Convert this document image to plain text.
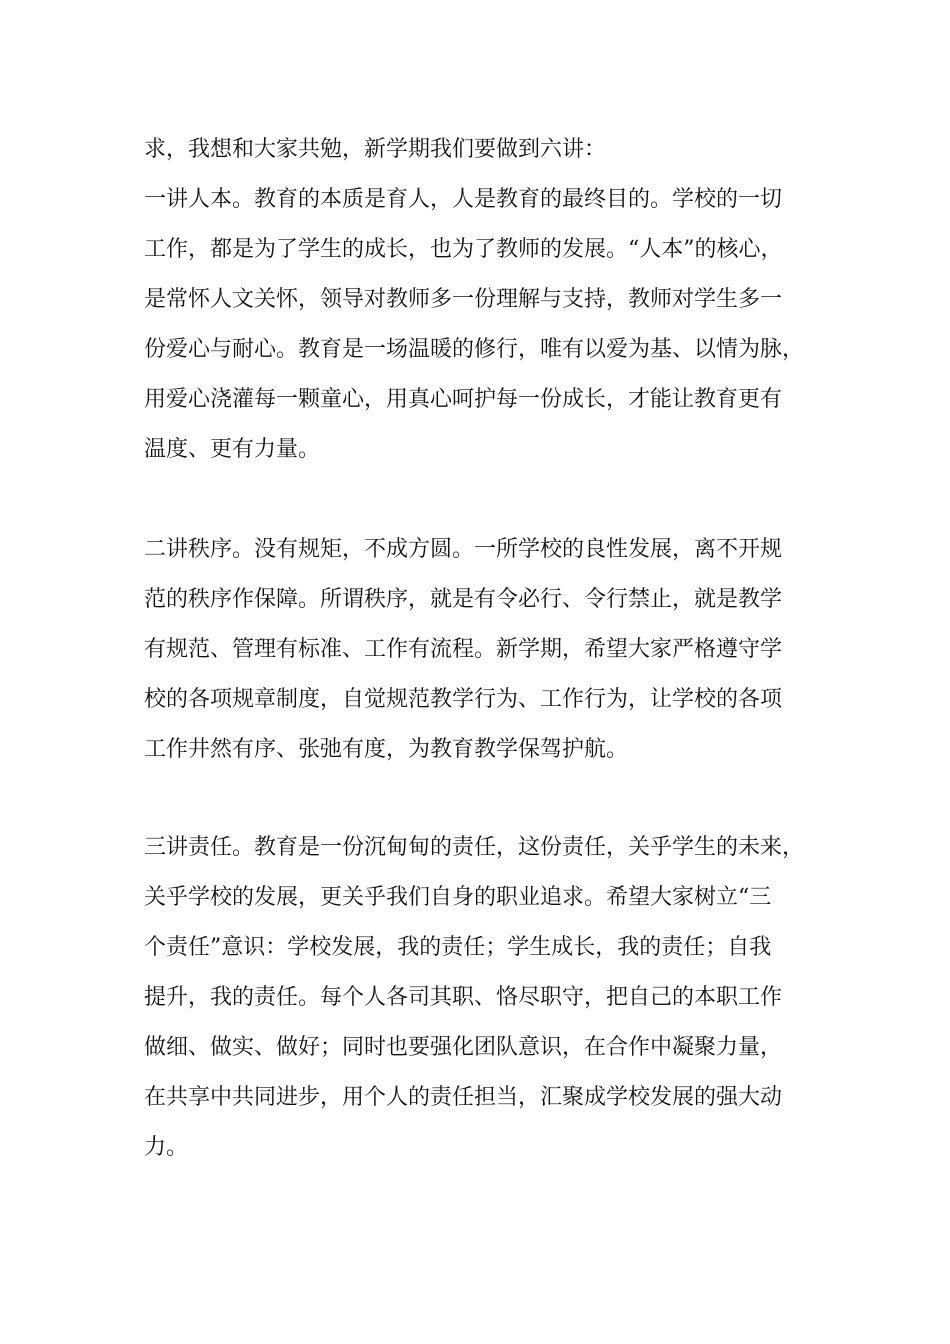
求，我想和大家共勉，新学期我们要做到六讲：
一讲人本。教育的本质是育人，人是教育的最终目的。学校的一切
工作，都是为了学生的成长，也为了教师的发展。“人本”的核心，
是常怀人文关怀，领导对教师多一份理解与支持，教师对学生多一
份爱心与耐心。教育是一场温暖的修行，唯有以爱为基、以情为脉，
用爱心浇灌每一颗童心，用真心呵护每一份成长，才能让教育更有
温度、更有力量。
二讲秩序。没有规矩，不成方圆。一所学校的良性发展，离不开规
范的秩序作保障。所谓秩序，就是有令必行、令行禁止，就是教学
有规范、管理有标准、工作有流程。新学期，希望大家严格遵守学
校的各项规章制度，自觉规范教学行为、工作行为，让学校的各项
工作井然有序、张弛有度，为教育教学保驾护航。
三讲责任。教育是一份沉甸甸的责任，这份责任，关乎学生的未来，
关乎学校的发展，更关乎我们自身的职业追求。希望大家树立“三
个责任”意识：学校发展，我的责任；学生成长，我的责任；自我
提升，我的责任。每个人各司其职、恪尽职守，把自己的本职工作
做细、做实、做好；同时也要强化团队意识，在合作中凝聚力量，
在共享中共同进步，用个人的责任担当，汇聚成学校发展的强大动
力。
